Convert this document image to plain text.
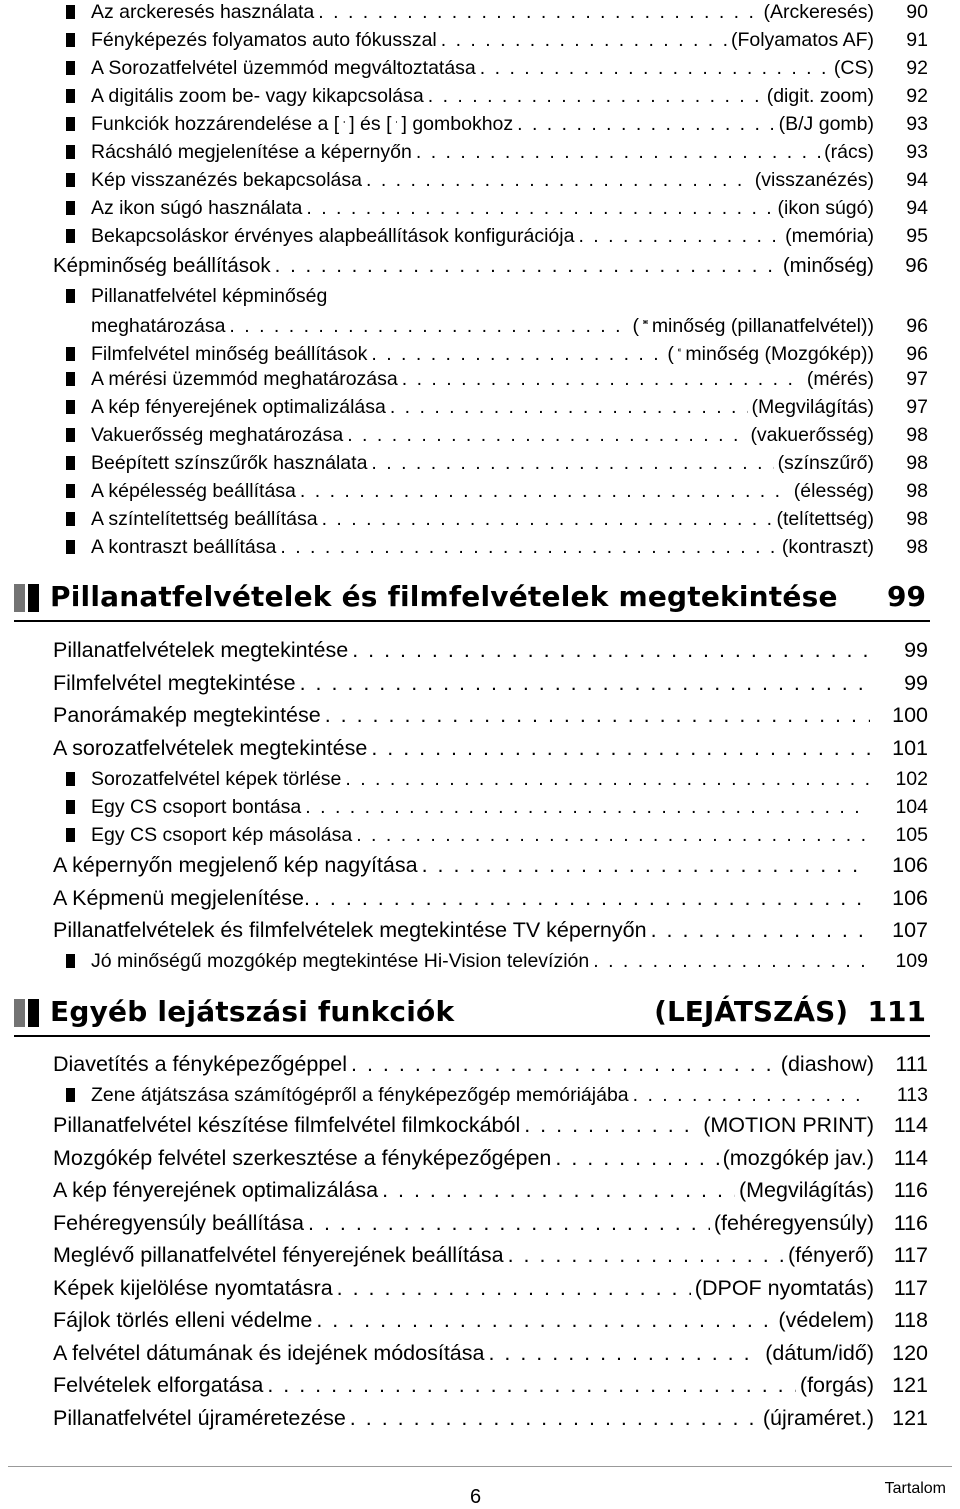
Az arckeresés használata . . .	(Arckeresés)	90
Fényképezés folyamatos auto fókusszal . . .	(Folyamatos AF)	91
A Sorozatfelvétel üzemmód megváltoztatása . . .	(CS)	92
A digitális zoom be- vagy kikapcsolása . . .	(digit. zoom)	92
Funkciók hozzárendelése a [ ] és [ ] gombokhoz . . .	(B/J gomb)	93
Rácsháló megjelenítése a képernyőn . . .	(rács)	93
Kép visszanézés bekapcsolása . . .	(visszanézés)	94
Az ikon súgó használata . . .	(ikon súgó)	94
Bekapcsoláskor érvényes alapbeállítások konfigurációja . . .	(memória)	95
Képminőség beállítások . . .	(minőség)	96
Pillanatfelvétel képminőség
meghatározása . . .	( minőség (pillanatfelvétel))	96
Filmfelvétel minőség beállítások . . .	( minőség (Mozgókép))	96
A mérési üzemmód meghatározása . . .	(mérés)	97
A kép fényerejének optimalizálása . . .	(Megvilágítás)	97
Vakuerősség meghatározása . . .	(vakuerősség)	98
Beépített színszűrők használata . . .	(színszűrő)	98
A képélesség beállítása . . .	(élesség)	98
A színtelítettség beállítása . . .	(telítettség)	98
A kontraszt beállítása . . .	(kontraszt)	98
Pillanatfelvételek és filmfelvételek megtekintése 99
Pillanatfelvételek megtekintése . . .	99
Filmfelvétel megtekintése . . .	99
Panorámakép megtekintése . . .	100
A sorozatfelvételek megtekintése . . .	101
Sorozatfelvétel képek törlése . . .	102
Egy CS csoport bontása . . .	104
Egy CS csoport kép másolása . . .	105
A képernyőn megjelenő kép nagyítása . . .	106
A Képmenü megjelenítése. . . .	106
Pillanatfelvételek és filmfelvételek megtekintése TV képernyőn . . .	107
Jó minőségű mozgókép megtekintése Hi-Vision televízión . . .	109
Egyéb lejátszási funkciók	(LEJÁTSZÁS) 111
Diavetítés a fényképezőgéppel . . .	(diashow) 111
Zene átjátszása számítógépről a fényképezőgép memóriájába . . .	113
Pillanatfelvétel készítése filmfelvétel filmkockából . . .	(MOTION PRINT) 114
Mozgókép felvétel szerkesztése a fényképezőgépen . . .	(mozgókép jav.) 114
A kép fényerejének optimalizálása . . .	(Megvilágítás) 116
Fehéregyensúly beállítása . . .	(fehéregyensúly) 116
Meglévő pillanatfelvétel fényerejének beállítása . . .	(fényerő) 117
Képek kijelölése nyomtatásra . . .	(DPOF nyomtatás) 117
Fájlok törlés elleni védelme . . .	(védelem) 118
A felvétel dátumának és idejének módosítása . . .	(dátum/idő) 120
Felvételek elforgatása . . .	(forgás) 121
Pillanatfelvétel újraméretezése . . .	(újraméret.) 121
6	Tartalom
